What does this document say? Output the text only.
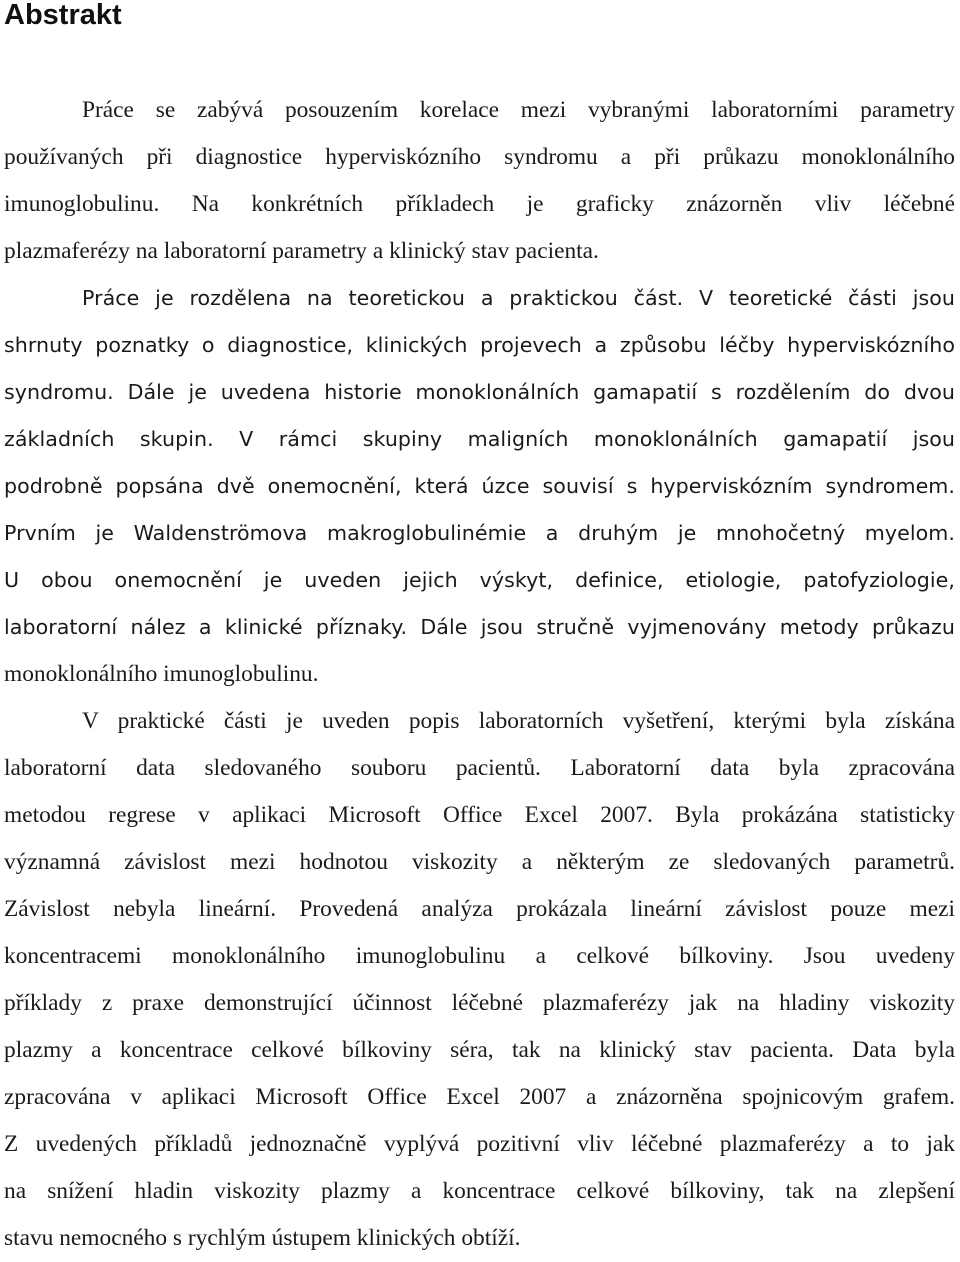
Abstrakt
Práce se zabývá posouzením korelace mezi vybranými laboratorními parametry
používaných při diagnostice hyperviskózního syndromu a při průkazu monoklonálního
imunoglobulinu. Na konkrétních příkladech je graficky znázorněn vliv léčebné
plazmaferézy na laboratorní parametry a klinický stav pacienta.
Práce je rozdělena na teoretickou a praktickou část. V teoretické části jsou
shrnuty poznatky o diagnostice, klinických projevech a způsobu léčby hyperviskózního
syndromu. Dále je uvedena historie monoklonálních gamapatií s rozdělením do dvou
základních skupin. V rámci skupiny maligních monoklonálních gamapatií jsou
podrobně popsána dvě onemocnění, která úzce souvisí s hyperviskózním syndromem.
Prvním je Waldenströmova makroglobulinémie a druhým je mnohočetný myelom.
U obou onemocnění je uveden jejich výskyt, definice, etiologie, patofyziologie,
laboratorní nález a klinické příznaky. Dále jsou stručně vyjmenovány metody průkazu
monoklonálního imunoglobulinu.
V praktické části je uveden popis laboratorních vyšetření, kterými byla získána
laboratorní data sledovaného souboru pacientů. Laboratorní data byla zpracována
metodou regrese v aplikaci Microsoft Office Excel 2007. Byla prokázána statisticky
významná závislost mezi hodnotou viskozity a některým ze sledovaných parametrů.
Závislost nebyla lineární. Provedená analýza prokázala lineární závislost pouze mezi
koncentracemi monoklonálního imunoglobulinu a celkové bílkoviny. Jsou uvedeny
příklady z praxe demonstrující účinnost léčebné plazmaferézy jak na hladiny viskozity
plazmy a koncentrace celkové bílkoviny séra, tak na klinický stav pacienta. Data byla
zpracována v aplikaci Microsoft Office Excel 2007 a znázorněna spojnicovým grafem.
Z uvedených příkladů jednoznačně vyplývá pozitivní vliv léčebné plazmaferézy a to jak
na snížení hladin viskozity plazmy a koncentrace celkové bílkoviny, tak na zlepšení
stavu nemocného s rychlým ústupem klinických obtíží.
